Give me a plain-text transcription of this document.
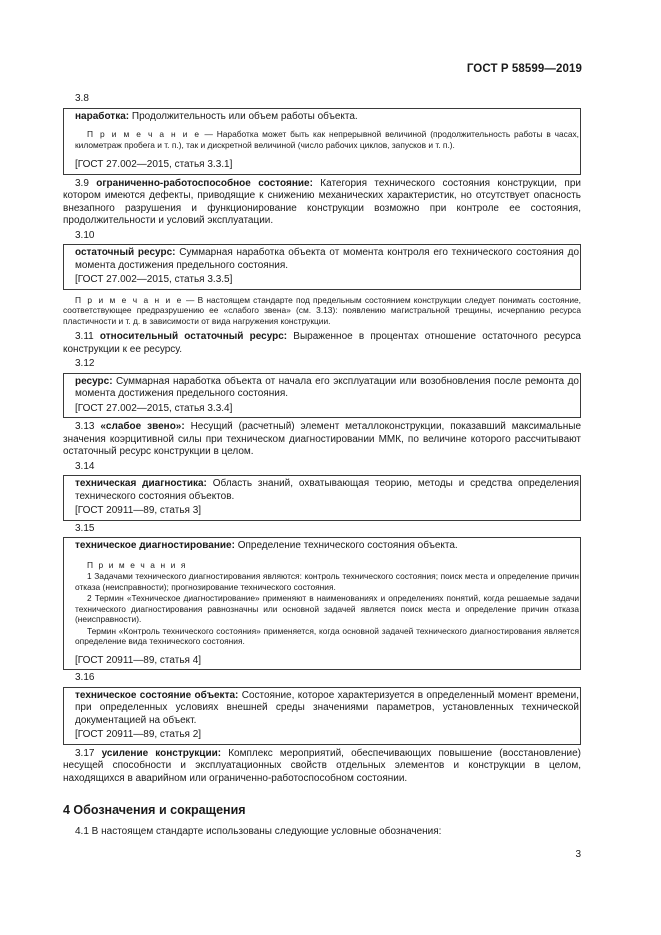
ГОСТ Р 58599—2019
3.8
наработка: Продолжительность или объем работы объекта.
П р и м е ч а н и е — Наработка может быть как непрерывной величиной (продолжительность работы в часах, километраж пробега и т. п.), так и дискретной величиной (число рабочих циклов, запусков и т. п.).
[ГОСТ 27.002—2015, статья 3.3.1]
3.9 ограниченно-работоспособное состояние: Категория технического состояния конструкции, при котором имеются дефекты, приводящие к снижению механических характеристик, но отсутствует опасность внезапного разрушения и функционирование конструкции возможно при контроле ее состояния, продолжительности и условий эксплуатации.
3.10
остаточный ресурс: Суммарная наработка объекта от момента контроля его технического состояния до момента достижения предельного состояния.
[ГОСТ 27.002—2015, статья 3.3.5]
П р и м е ч а н и е — В настоящем стандарте под предельным состоянием конструкции следует понимать состояние, соответствующее предразрушению ее «слабого звена» (см. 3.13): появлению магистральной трещины, исчерпанию ресурса пластичности и т. д. в зависимости от вида нагружения конструкции.
3.11 относительный остаточный ресурс: Выраженное в процентах отношение остаточного ресурса конструкции к ее ресурсу.
3.12
ресурс: Суммарная наработка объекта от начала его эксплуатации или возобновления после ремонта до момента достижения предельного состояния.
[ГОСТ 27.002—2015, статья 3.3.4]
3.13 «слабое звено»: Несущий (расчетный) элемент металлоконструкции, показавший максимальные значения коэрцитивной силы при техническом диагностировании ММК, по величине которого рассчитывают остаточный ресурс конструкции в целом.
3.14
техническая диагностика: Область знаний, охватывающая теорию, методы и средства определения технического состояния объектов.
[ГОСТ 20911—89, статья 3]
3.15
техническое диагностирование: Определение технического состояния объекта.
П р и м е ч а н и я
1 Задачами технического диагностирования являются: контроль технического состояния; поиск места и определение причин отказа (неисправности); прогнозирование технического состояния.
2 Термин «Техническое диагностирование» применяют в наименованиях и определениях понятий, когда решаемые задачи технического диагностирования равнозначны или основной задачей является поиск места и определение причин отказа (неисправности).
Термин «Контроль технического состояния» применяется, когда основной задачей технического диагностирования является определение вида технического состояния.
[ГОСТ 20911—89, статья 4]
3.16
техническое состояние объекта: Состояние, которое характеризуется в определенный момент времени, при определенных условиях внешней среды значениями параметров, установленных технической документацией на объект.
[ГОСТ 20911—89, статья 2]
3.17 усиление конструкции: Комплекс мероприятий, обеспечивающих повышение (восстановление) несущей способности и эксплуатационных свойств отдельных элементов и конструкции в целом, находящихся в аварийном или ограниченно-работоспособном состоянии.
4 Обозначения и сокращения
4.1 В настоящем стандарте использованы следующие условные обозначения:
3
